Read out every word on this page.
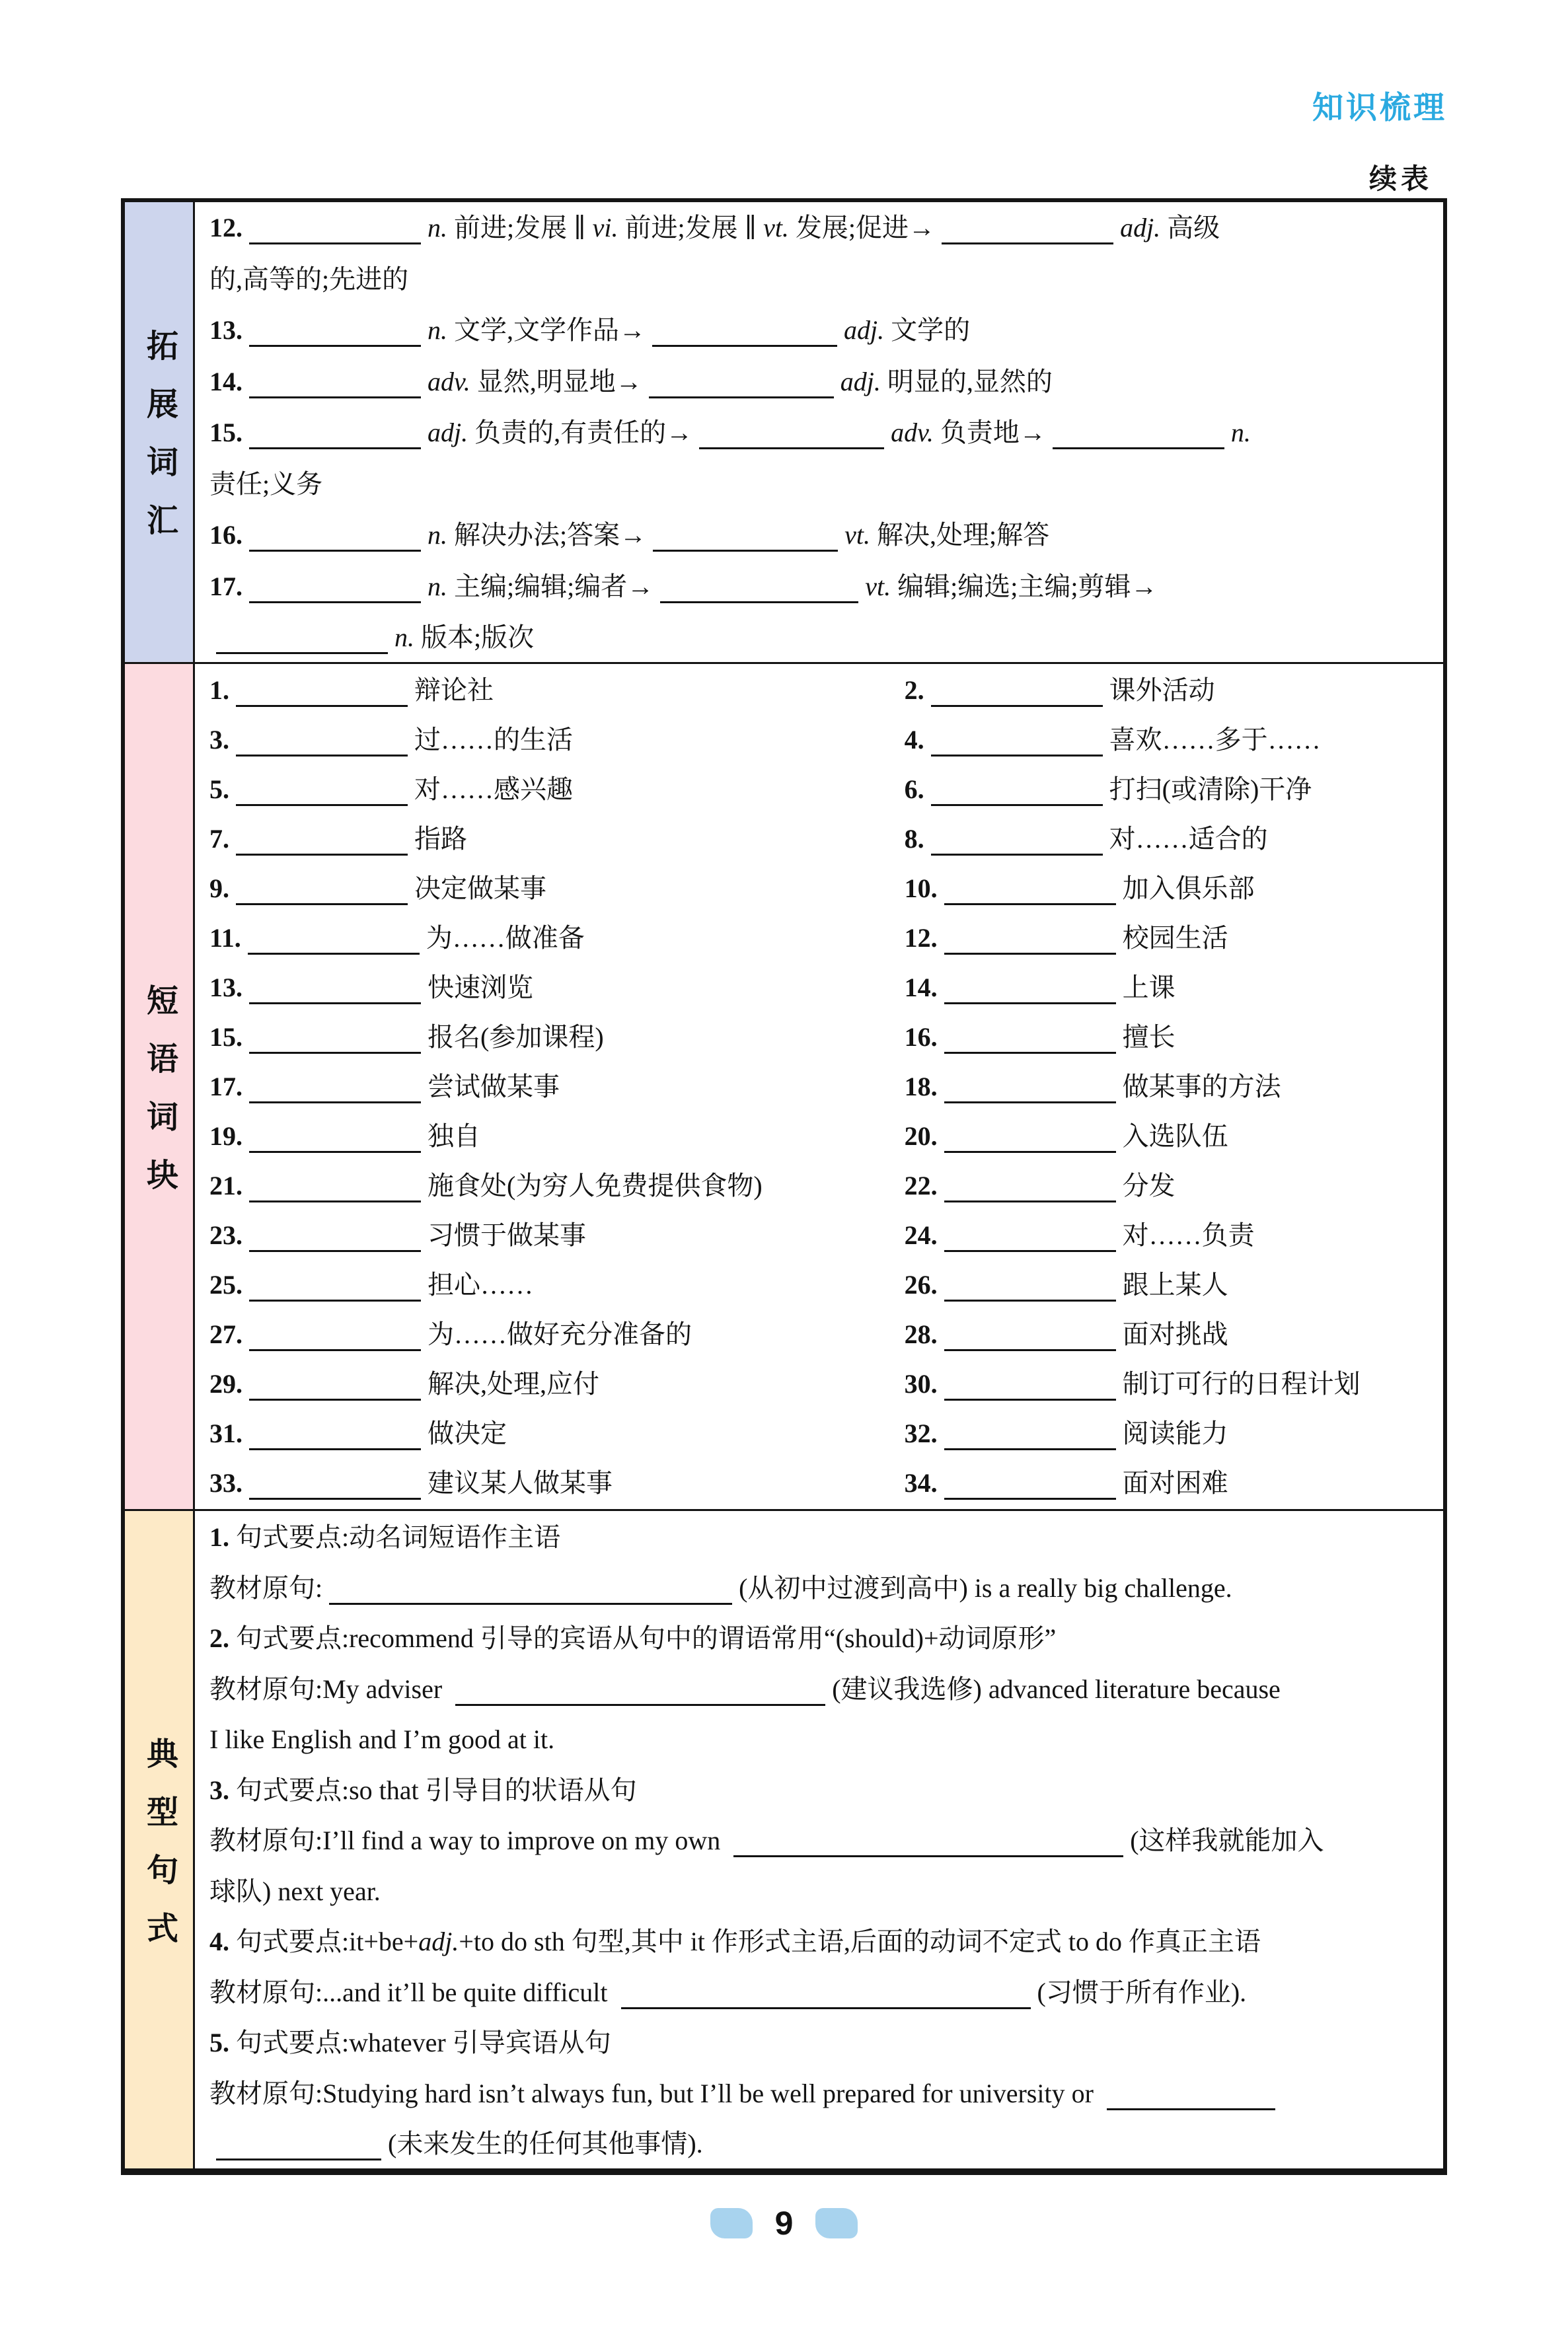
知识梳理
续表
拓展词汇
12.	n. 前进;发展 ∥ vi. 前进;发展 ∥ vt. 发展;促进→	adj. 高级
的,高等的;先进的
13.	n. 文学,文学作品→	adj. 文学的
14.	adv. 显然,明显地→	adj. 明显的,显然的
15.	adj. 负责的,有责任的→	adv. 负责地→	n.
责任;义务
16.	n. 解决办法;答案→	vt. 解决,处理;解答
17.	n. 主编;编辑;编者→	vt. 编辑;编选;主编;剪辑→
n. 版本;版次
短语词块
1.	辩论社	2.	课外活动
3.	过……的生活	4.	喜欢……多于……
5.	对……感兴趣	6.	打扫(或清除)干净
7.	指路	8.	对……适合的
9.	决定做某事	10.	加入俱乐部
11.	为……做准备	12.	校园生活
13.	快速浏览	14.	上课
15.	报名(参加课程)	16.	擅长
17.	尝试做某事	18.	做某事的方法
19.	独自	20.	入选队伍
21.	施食处(为穷人免费提供食物)	22.	分发
23.	习惯于做某事	24.	对……负责
25.	担心……	26.	跟上某人
27.	为……做好充分准备的	28.	面对挑战
29.	解决,处理,应付	30.	制订可行的日程计划
31.	做决定	32.	阅读能力
33.	建议某人做某事	34.	面对困难
典型句式
1. 句式要点:动名词短语作主语
教材原句:	(从初中过渡到高中) is a really big challenge.
2. 句式要点:recommend 引导的宾语从句中的谓语常用“(should)+动词原形”
教材原句:My adviser	(建议我选修) advanced literature because
I like English and I’m good at it.
3. 句式要点:so that 引导目的状语从句
教材原句:I’ll find a way to improve on my own	(这样我就能加入
球队) next year.
4. 句式要点:it+be+adj.+to do sth 句型,其中 it 作形式主语,后面的动词不定式 to do 作真正主语
教材原句:...and it’ll be quite difficult	(习惯于所有作业).
5. 句式要点:whatever 引导宾语从句
教材原句:Studying hard isn’t always fun, but I’ll be well prepared for university or
(未来发生的任何其他事情).
9
